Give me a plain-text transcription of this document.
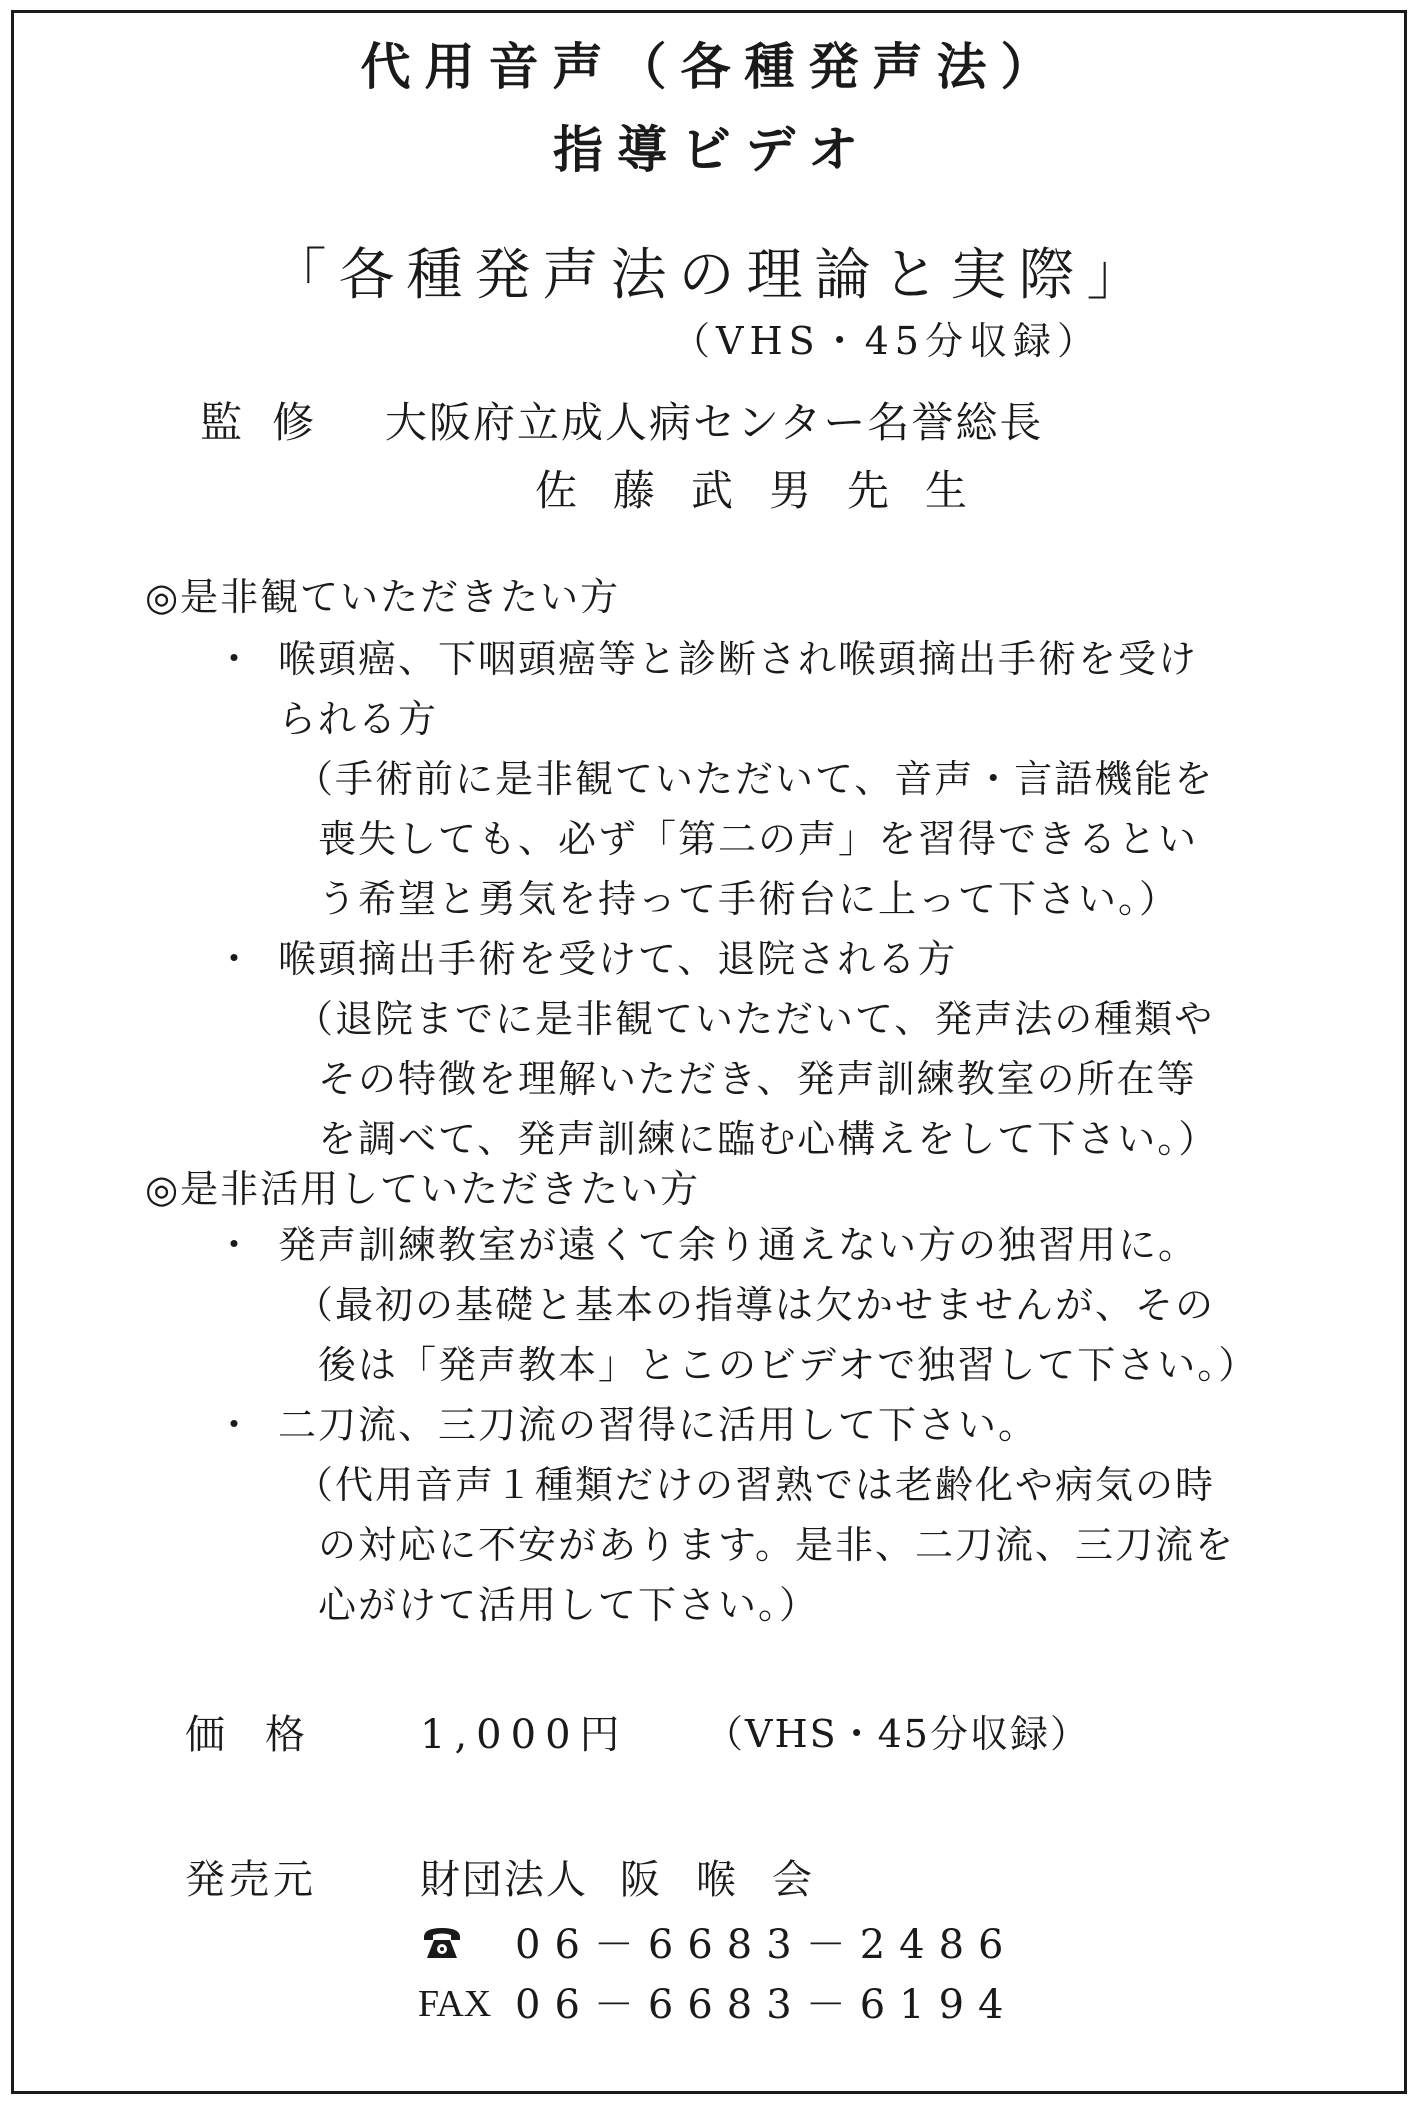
代用音声（各種発声法）
指導ビデオ
「各種発声法の理論と実際」
（VHS・45分収録）
監修 大阪府立成人病センター名誉総長
佐藤武男先生
◎是非観ていただきたい方
・ 喉頭癌、下咽頭癌等と診断され喉頭摘出手術を受け
られる方
（手術前に是非観ていただいて、音声・言語機能を
喪失しても、必ず「第二の声」を習得できるとい
う希望と勇気を持って手術台に上って下さい。）
・ 喉頭摘出手術を受けて、退院される方
（退院までに是非観ていただいて、発声法の種類や
その特徴を理解いただき、発声訓練教室の所在等
を調べて、発声訓練に臨む心構えをして下さい。）
◎是非活用していただきたい方
・ 発声訓練教室が遠くて余り通えない方の独習用に。
（最初の基礎と基本の指導は欠かせませんが、その
後は「発声教本」とこのビデオで独習して下さい。）
・ 二刀流、三刀流の習得に活用して下さい。
（代用音声１種類だけの習熟では老齢化や病気の時
の対応に不安があります。是非、二刀流、三刀流を
心がけて活用して下さい。）
価格 1,000円 （VHS・45分収録）
発売元	財団法人 阪喉会
06－6683－2486
FAX 06－6683－6194
